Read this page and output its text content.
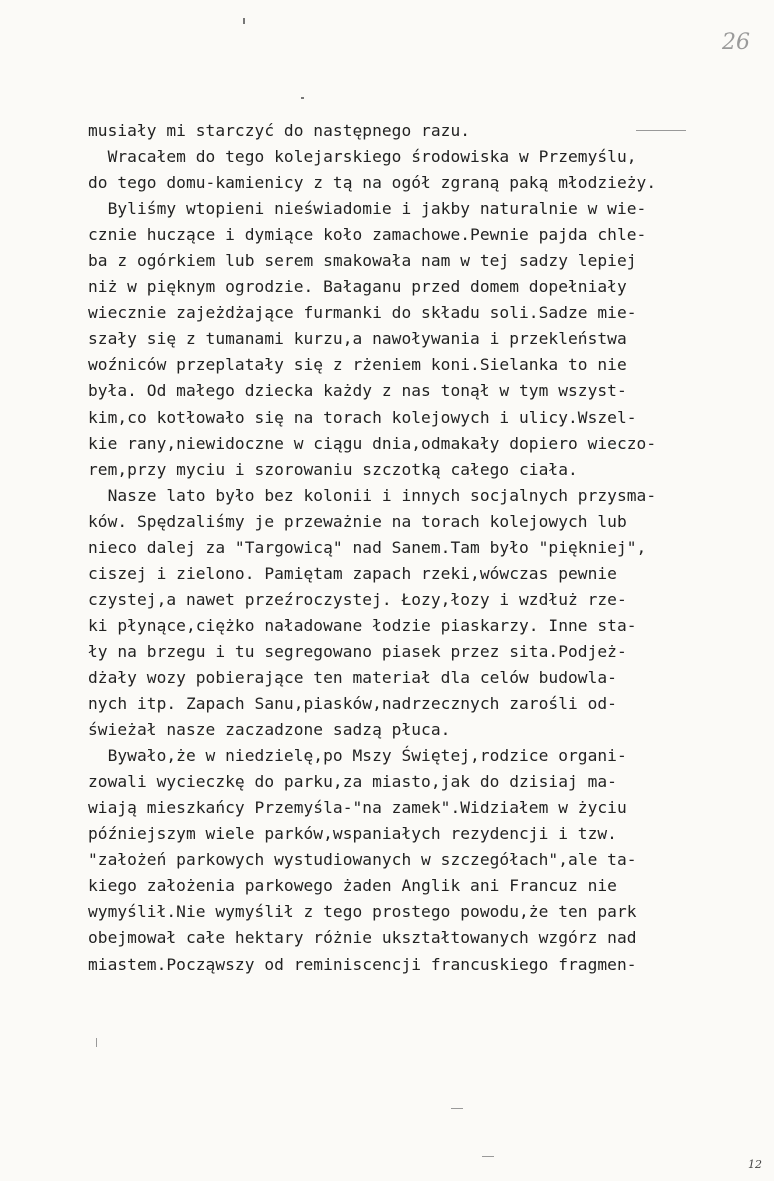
26
musiały mi starczyć do następnego razu.
Wracałem do tego kolejarskiego środowiska w Przemyślu,
do tego domu-kamienicy z tą na ogół zgraną paką młodzieży.
Byliśmy wtopieni nieświadomie i jakby naturalnie w wie-
cznie huczące i dymiące koło zamachowe.Pewnie pajda chle-
ba z ogórkiem lub serem smakowała nam w tej sadzy lepiej
niż w pięknym ogrodzie. Bałaganu przed domem dopełniały
wiecznie zajeżdżające furmanki do składu soli.Sadze mie-
szały się z tumanami kurzu,a nawoływania i przekleństwa
woźniców przeplatały się z rżeniem koni.Sielanka to nie
była. Od małego dziecka każdy z nas tonął w tym wszyst-
kim,co kotłowało się na torach kolejowych i ulicy.Wszel-
kie rany,niewidoczne w ciągu dnia,odmakały dopiero wieczo-
rem,przy myciu i szorowaniu szczotką całego ciała.
Nasze lato było bez kolonii i innych socjalnych przysma-
ków. Spędzaliśmy je przeważnie na torach kolejowych lub
nieco dalej za "Targowicą" nad Sanem.Tam było "piękniej",
ciszej i zielono. Pamiętam zapach rzeki,wówczas pewnie
czystej,a nawet przeźroczystej. Łozy,łozy i wzdłuż rze-
ki płynące,ciężko naładowane łodzie piaskarzy. Inne sta-
ły na brzegu i tu segregowano piasek przez sita.Podjeż-
dżały wozy pobierające ten materiał dla celów budowla-
nych itp. Zapach Sanu,piasków,nadrzecznych zarośli od-
świeżał nasze zaczadzone sadzą płuca.
Bywało,że w niedzielę,po Mszy Świętej,rodzice organi-
zowali wycieczkę do parku,za miasto,jak do dzisiaj ma-
wiają mieszkańcy Przemyśla-"na zamek".Widziałem w życiu
późniejszym wiele parków,wspaniałych rezydencji i tzw.
"założeń parkowych wystudiowanych w szczegółach",ale ta-
kiego założenia parkowego żaden Anglik ani Francuz nie
wymyślił.Nie wymyślił z tego prostego powodu,że ten park
obejmował całe hektary różnie ukształtowanych wzgórz nad
miastem.Począwszy od reminiscencji francuskiego fragmen-
12
